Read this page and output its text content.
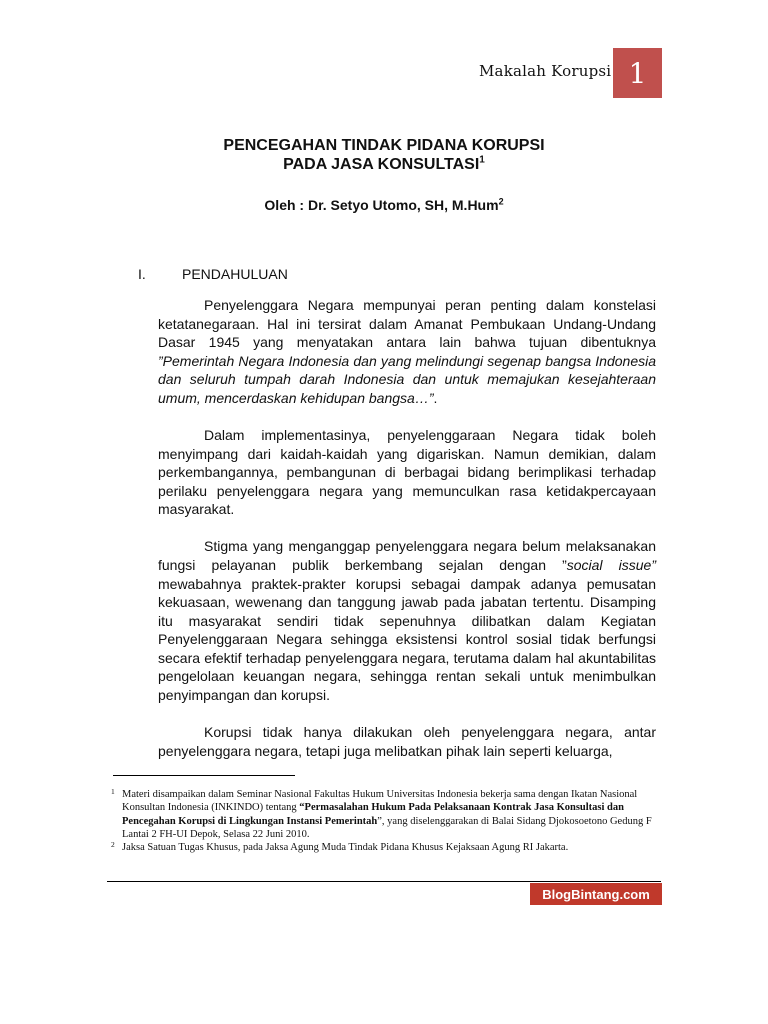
Makalah Korupsi 1
PENCEGAHAN TINDAK PIDANA KORUPSI
PADA JASA KONSULTASI$^1$
Oleh : Dr. Setyo Utomo, SH, M.Hum$^2$
I.	PENDAHULUAN

Penyelenggara Negara mempunyai peran penting dalam konstelasi ketatanegaraan. Hal ini tersirat dalam Amanat Pembukaan Undang-Undang Dasar 1945 yang menyatakan antara lain bahwa tujuan dibentuknya ”Pemerintah Negara Indonesia dan yang melindungi segenap bangsa Indonesia dan seluruh tumpah darah Indonesia dan untuk memajukan kesejahteraan umum, mencerdaskan kehidupan bangsa…”.

Dalam implementasinya, penyelenggaraan Negara tidak boleh menyimpang dari kaidah-kaidah yang digariskan. Namun demikian, dalam perkembangannya, pembangunan di berbagai bidang berimplikasi terhadap perilaku penyelenggara negara yang memunculkan rasa ketidakpercayaan masyarakat.

Stigma yang menganggap penyelenggara negara belum melaksanakan fungsi pelayanan publik berkembang sejalan dengan ”social issue” mewabahnya praktek-prakter korupsi sebagai dampak adanya pemusatan kekuasaan, wewenang dan tanggung jawab pada jabatan tertentu. Disamping itu masyarakat sendiri tidak sepenuhnya dilibatkan dalam Kegiatan Penyelenggaraan Negara sehingga eksistensi kontrol sosial tidak berfungsi secara efektif terhadap penyelenggara negara, terutama dalam hal akuntabilitas pengelolaan keuangan negara, sehingga rentan sekali untuk menimbulkan penyimpangan dan korupsi.

Korupsi tidak hanya dilakukan oleh penyelenggara negara, antar penyelenggara negara, tetapi juga melibatkan pihak lain seperti keluarga,

1 Materi disampaikan dalam Seminar Nasional Fakultas Hukum Universitas Indonesia bekerja sama dengan Ikatan Nasional Konsultan Indonesia (INKINDO) tentang “Permasalahan Hukum Pada Pelaksanaan Kontrak Jasa Konsultasi dan Pencegahan Korupsi di Lingkungan Instansi Pemerintah”, yang diselenggarakan di Balai Sidang Djokosoetono Gedung F Lantai 2 FH-UI Depok, Selasa 22 Juni 2010.
2 Jaksa Satuan Tugas Khusus, pada Jaksa Agung Muda Tindak Pidana Khusus Kejaksaan Agung RI Jakarta.
BlogBintang.com
